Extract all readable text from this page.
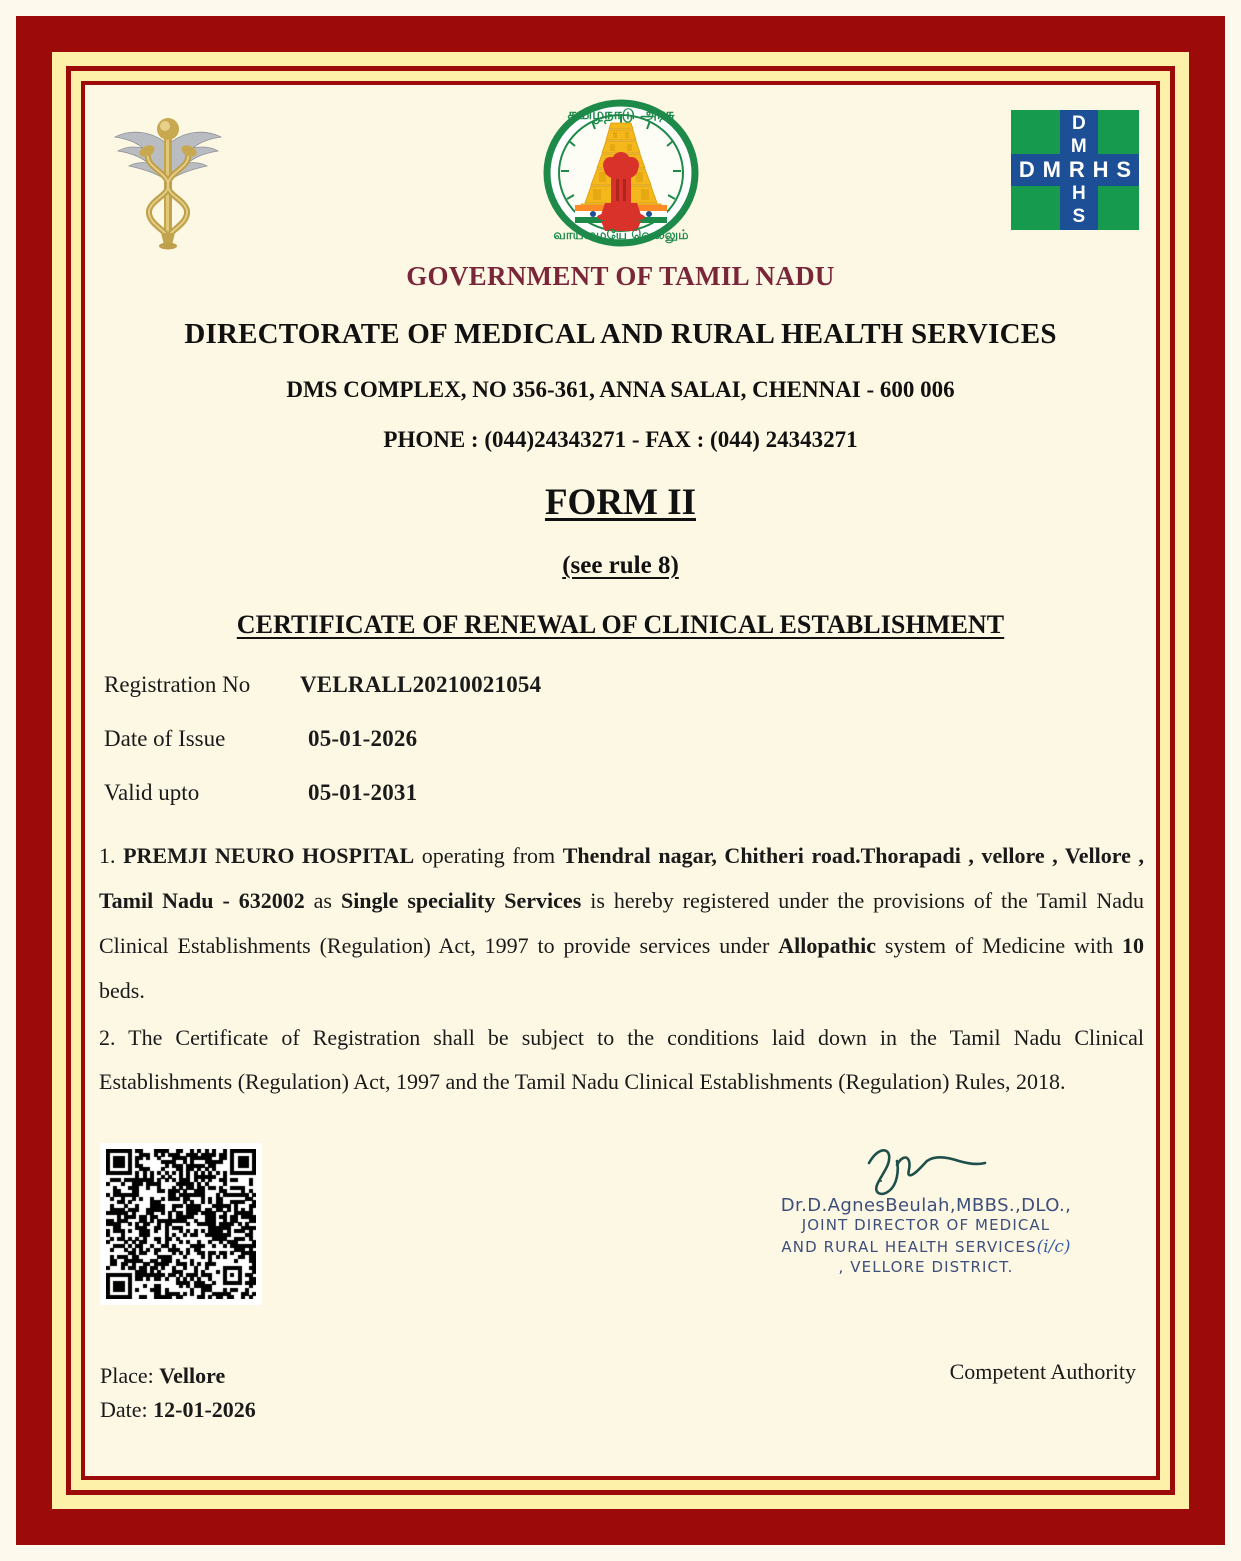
தமிழ்நாடு அரசு
வாய்மையே வெல்லும்
D
M
H
S
D M R H S
GOVERNMENT OF TAMIL NADU
DIRECTORATE OF MEDICAL AND RURAL HEALTH SERVICES
DMS COMPLEX, NO 356-361, ANNA SALAI, CHENNAI - 600 006
PHONE : (044)24343271 - FAX : (044) 24343271
FORM II
(see rule 8)
CERTIFICATE OF RENEWAL OF CLINICAL ESTABLISHMENT
Registration No	VELRALL20210021054
Date of Issue	05-01-2026
Valid upto	05-01-2031

1. PREMJI NEURO HOSPITAL operating from Thendral nagar, Chitheri road.Thorapadi , vellore , Vellore , Tamil Nadu - 632002 as Single speciality Services is hereby registered under the provisions of the Tamil Nadu Clinical Establishments (Regulation) Act, 1997 to provide services under Allopathic system of Medicine with 10 beds.

2. The Certificate of Registration shall be subject to the conditions laid down in the Tamil Nadu Clinical Establishments (Regulation) Act, 1997 and the Tamil Nadu Clinical Establishments (Regulation) Rules, 2018.

Dr.D.AgnesBeulah,MBBS.,DLO.,
JOINT DIRECTOR OF MEDICAL
AND RURAL HEALTH SERVICES(i/c)
, VELLORE DISTRICT.
Place: Vellore
Date: 12-01-2026
Competent Authority
